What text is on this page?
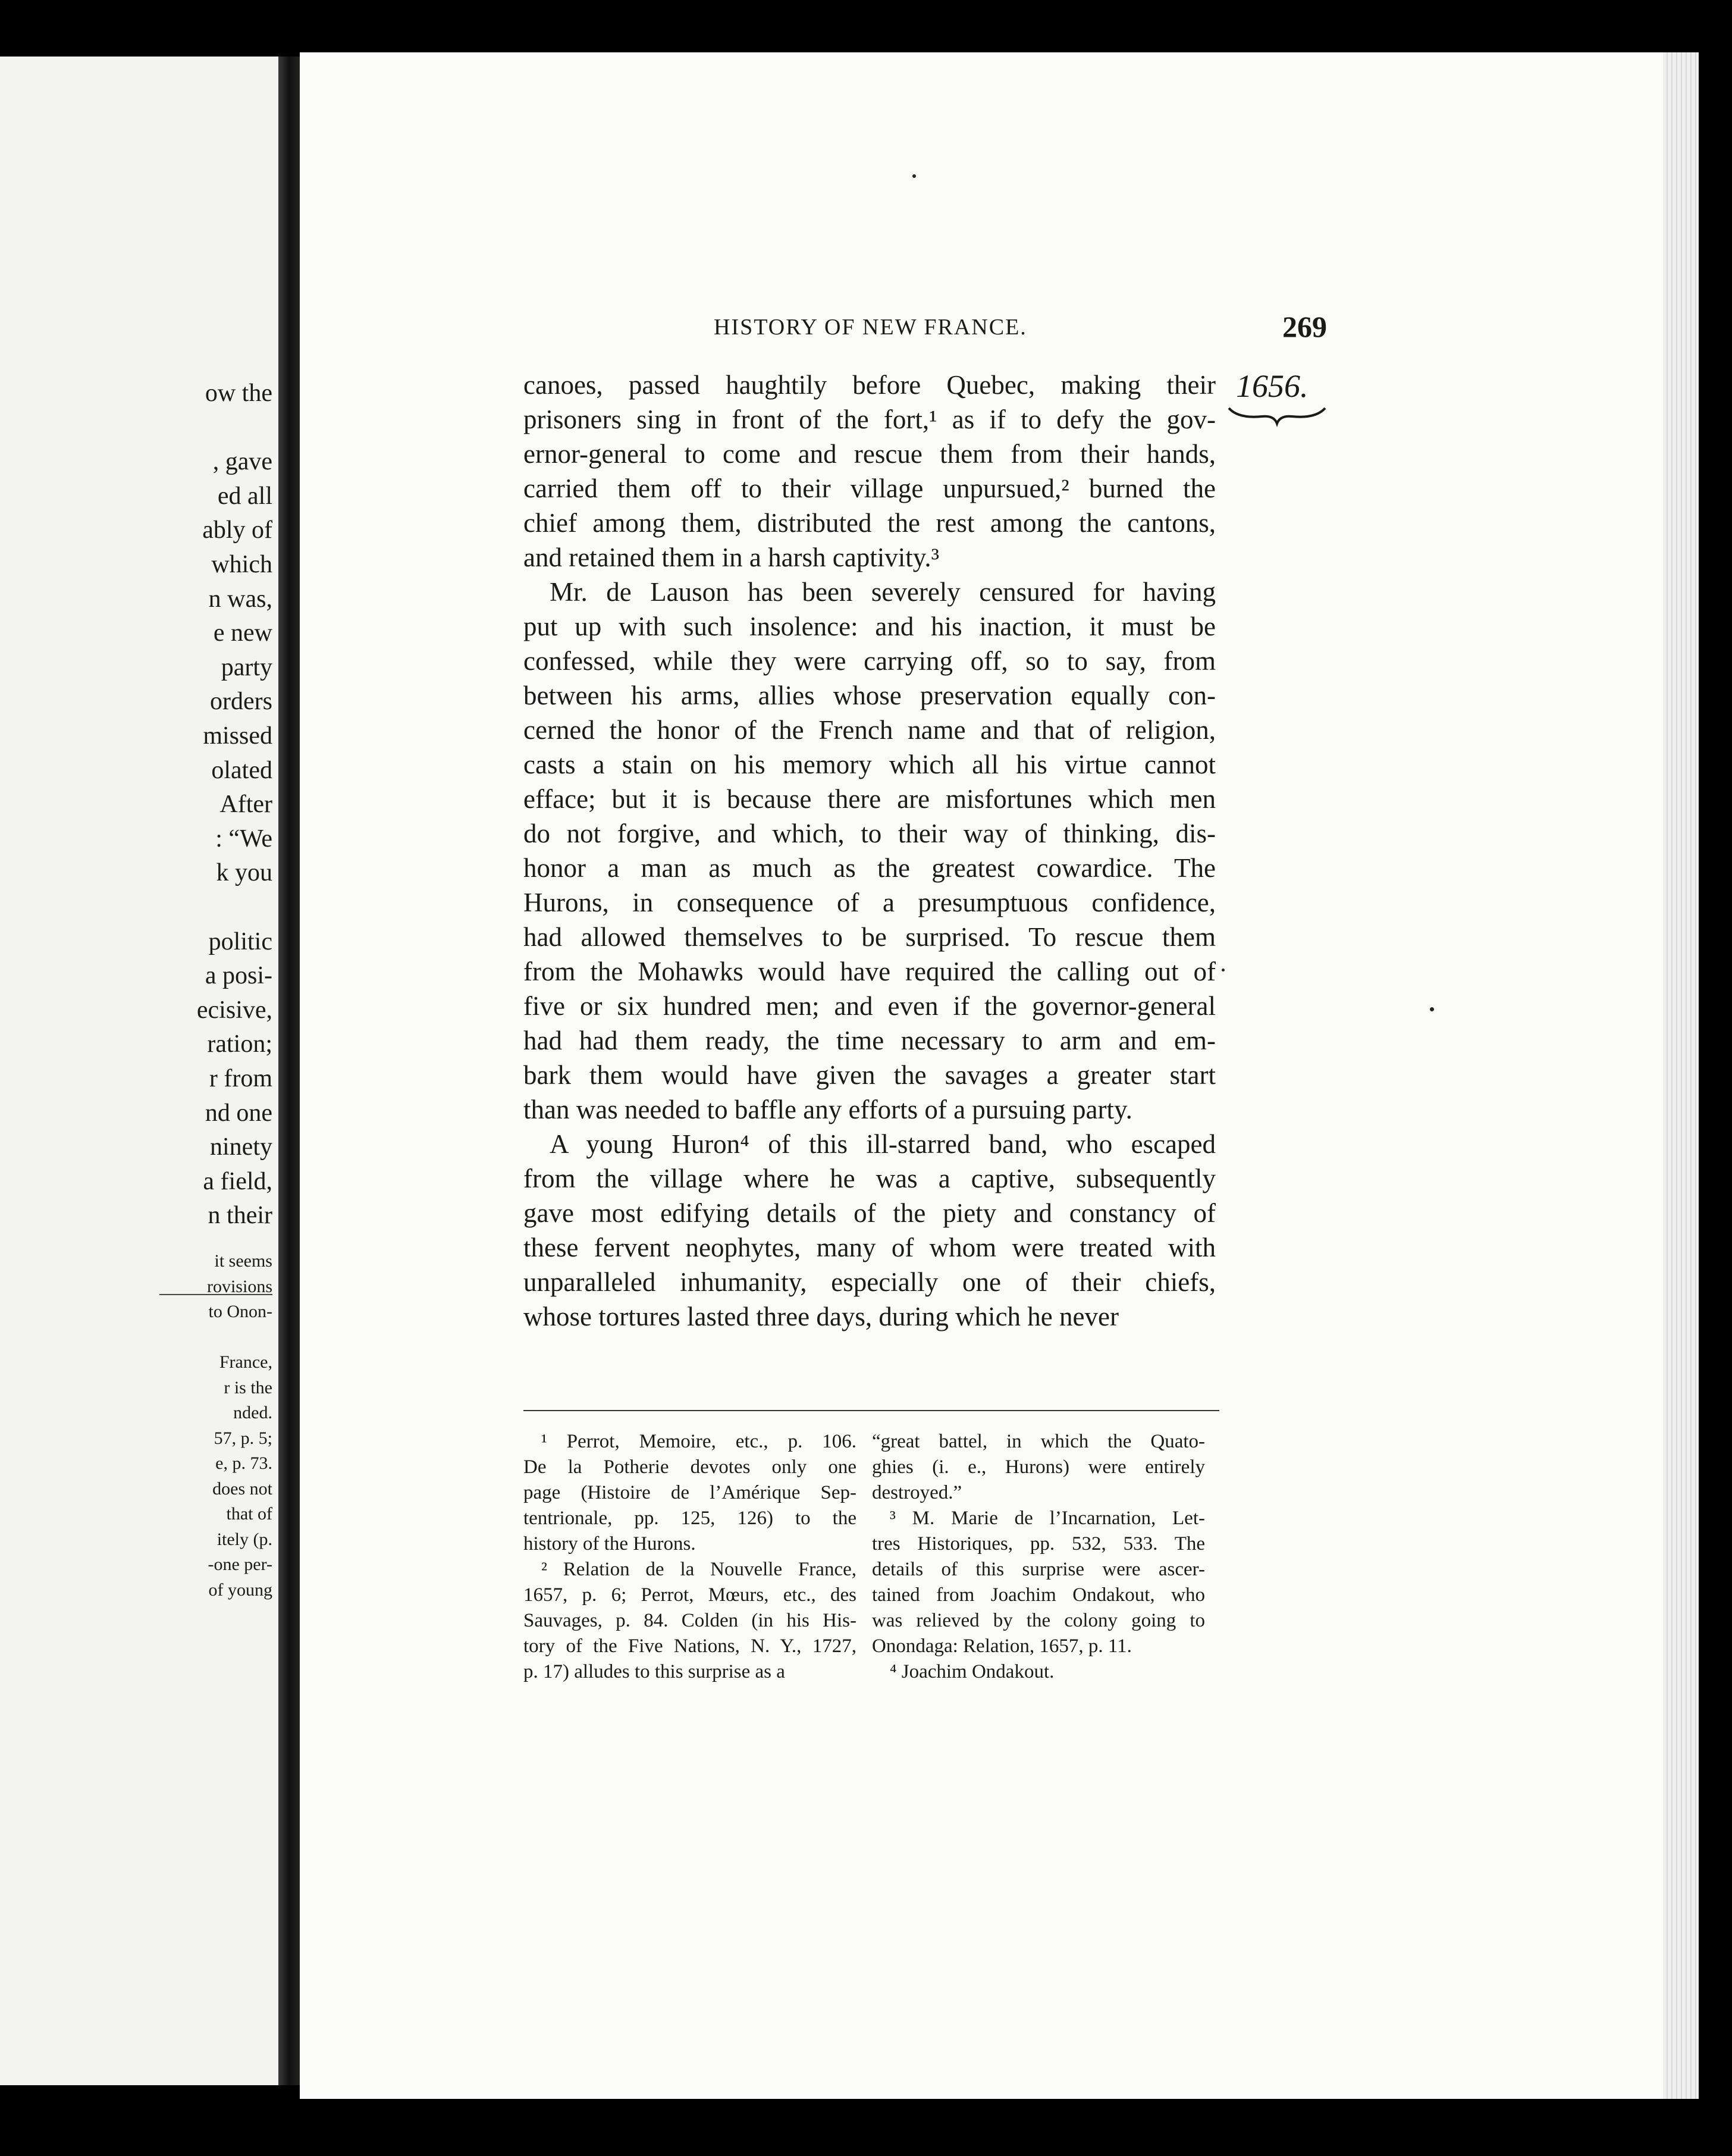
ow the
, gave
ed all
ably of
which
n was,
e new
party
orders
missed
olated
After
: “We
k you
politic
a posi-
ecisive,
ration;
r from
nd one
ninety
a field,
n their
it seems
rovisions
to Onon-
France,
r is the
nded.
57, p. 5;
e, p. 73.
does not
that of
itely (p.
-one per-
of young
HISTORY OF NEW FRANCE.	269
1656.
canoes, passed haughtily before Quebec, making their
prisoners sing in front of the fort,¹ as if to defy the gov-
ernor-general to come and rescue them from their hands,
carried them off to their village unpursued,² burned the
chief among them, distributed the rest among the cantons,
and retained them in a harsh captivity.³
Mr. de Lauson has been severely censured for having
put up with such insolence: and his inaction, it must be
confessed, while they were carrying off, so to say, from
between his arms, allies whose preservation equally con-
cerned the honor of the French name and that of religion,
casts a stain on his memory which all his virtue cannot
efface; but it is because there are misfortunes which men
do not forgive, and which, to their way of thinking, dis-
honor a man as much as the greatest cowardice. The
Hurons, in consequence of a presumptuous confidence,
had allowed themselves to be surprised. To rescue them
from the Mohawks would have required the calling out of
five or six hundred men; and even if the governor-general
had had them ready, the time necessary to arm and em-
bark them would have given the savages a greater start
than was needed to baffle any efforts of a pursuing party.
A young Huron⁴ of this ill-starred band, who escaped
from the village where he was a captive, subsequently
gave most edifying details of the piety and constancy of
these fervent neophytes, many of whom were treated with
unparalleled inhumanity, especially one of their chiefs,
whose tortures lasted three days, during which he never
¹ Perrot, Memoire, etc., p. 106.
De la Potherie devotes only one
page (Histoire de l’Amérique Sep-
tentrionale, pp. 125, 126) to the
history of the Hurons.
² Relation de la Nouvelle France,
1657, p. 6; Perrot, Mœurs, etc., des
Sauvages, p. 84. Colden (in his His-
tory of the Five Nations, N. Y., 1727,
p. 17) alludes to this surprise as a
“great battel, in which the Quato-
ghies (i. e., Hurons) were entirely
destroyed.”
³ M. Marie de l’Incarnation, Let-
tres Historiques, pp. 532, 533. The
details of this surprise were ascer-
tained from Joachim Ondakout, who
was relieved by the colony going to
Onondaga: Relation, 1657, p. 11.
⁴ Joachim Ondakout.
